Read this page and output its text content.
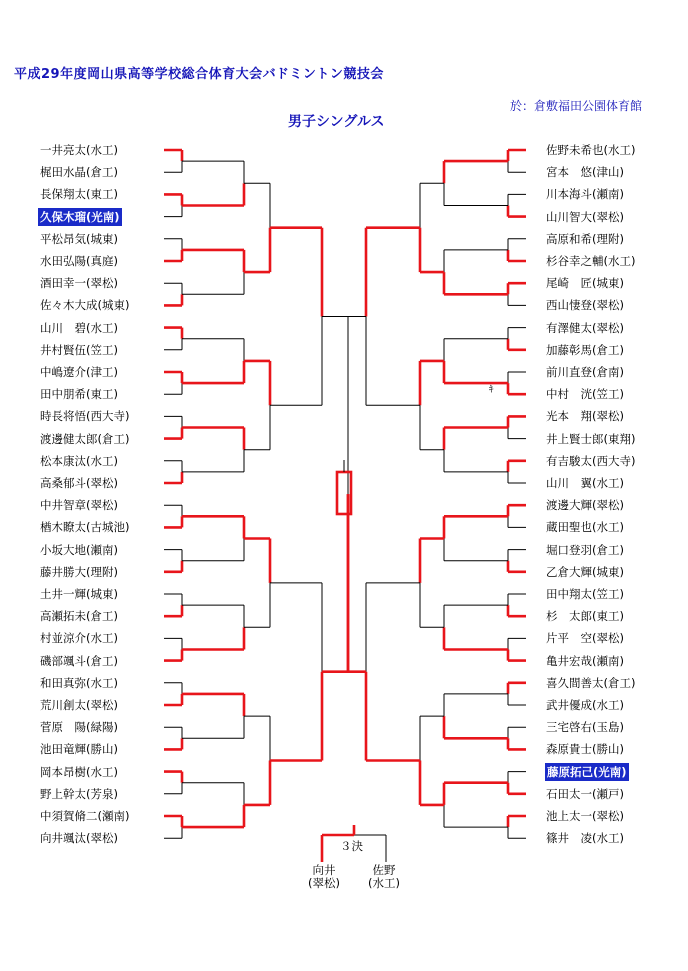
平成29年度岡山県高等学校総合体育大会バドミントン競技会
於：倉敷福田公園体育館
男子シングルス
一井亮太(水工)
梶田水晶(倉工)
長保翔太(東工)
久保木瑠(光南)
平松昂気(城東)
水田弘陽(真庭)
酒田幸一(翠松)
佐々木大成(城東)
山川　碧(水工)
井村賢伍(笠工)
中嶋遼介(津工)
田中朋希(東工)
時長将悟(西大寺)
渡邊健太郎(倉工)
松本康汰(水工)
高桑郁斗(翠松)
中井智章(翠松)
楢木瞭太(古城池)
小坂大地(瀬南)
藤井勝大(理附)
土井一輝(城東)
高瀬拓未(倉工)
村並涼介(水工)
磯部颯斗(倉工)
和田真弥(水工)
荒川創太(翠松)
菅原　陽(緑陽)
池田竜輝(勝山)
岡本昂樹(水工)
野上幹太(芳泉)
中須賀脩二(瀬南)
向井颯汰(翠松)
佐野未希也(水工)
宮本　悠(津山)
川本海斗(瀬南)
山川智大(翠松)
高原和希(理附)
杉谷幸之輔(水工)
尾崎　匠(城東)
西山悽登(翠松)
有澤健太(翠松)
加藤彰馬(倉工)
前川直登(倉南)
中村　洸(笠工)
光本　翔(翠松)
井上賢士郎(東翔)
有吉駿太(西大寺)
山川　翼(水工)
渡邊大輝(翠松)
蔵田聖也(水工)
堀口登羽(倉工)
乙倉大輝(城東)
田中翔太(笠工)
杉　太郎(東工)
片平　空(翠松)
亀井宏哉(瀬南)
喜久間善太(倉工)
武井優成(水工)
三宅啓右(玉島)
森原貴士(勝山)
藤原拓己(光南)
石田太一(瀬戸)
池上太一(翠松)
篠井　凌(水工)
３決
向井
(翠松)
佐野
(水工)
ｷ
